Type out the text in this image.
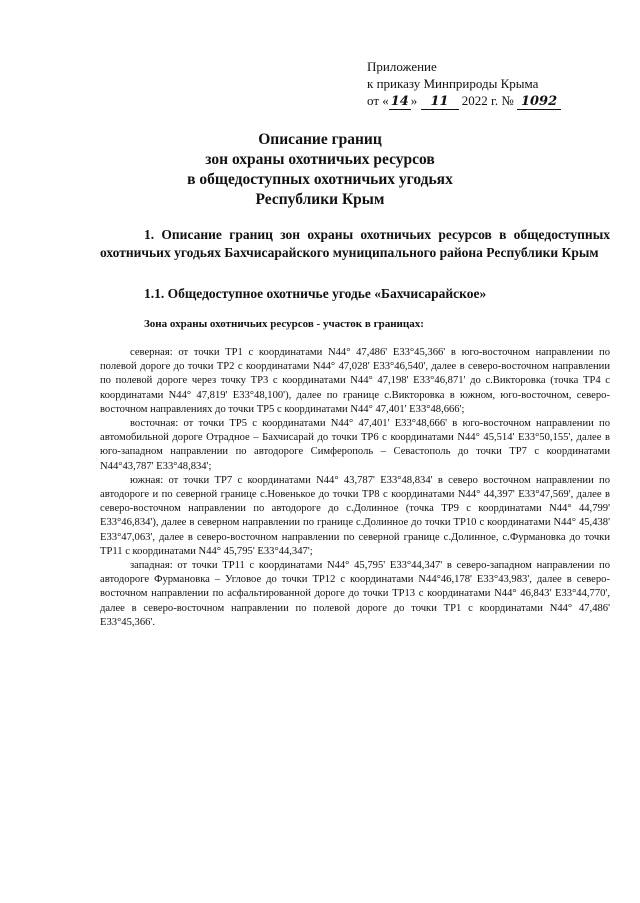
Приложение
к приказу Минприроды Крыма
от « 14 » 11 2022 г. № 1092
Описание границ
зон охраны охотничьих ресурсов
в общедоступных охотничьих угодьях
Республики Крым
1. Описание границ зон охраны охотничьих ресурсов в общедоступных охотничьих угодьях Бахчисарайского муниципального района Республики Крым
1.1. Общедоступное охотничье угодье «Бахчисарайское»
Зона охраны охотничьих ресурсов - участок в границах:

северная: от точки ТР1 с координатами N44° 47,486' E33°45,366' в юго-восточном направлении по полевой дороге до точки ТР2 с координатами N44° 47,028' E33°46,540', далее в северо-восточном направлении по полевой дороге через точку ТР3 с координатами N44° 47,198' E33°46,871' до с.Викторовка (точка ТР4 с координатами N44° 47,819' E33°48,100'), далее по границе с.Викторовка в южном, юго-восточном, северо-восточном направлениях до точки ТР5 с координатами N44° 47,401' E33°48,666';

восточная: от точки ТР5 с координатами N44° 47,401' E33°48,666' в юго-восточном направлении по автомобильной дороге Отрадное – Бахчисарай до точки ТР6 с координатами N44° 45,514' E33°50,155', далее в юго-западном направлении по автодороге Симферополь – Севастополь до точки ТР7 с координатами N44°43,787' E33°48,834';

южная: от точки ТР7 с координатами N44° 43,787' E33°48,834' в северо восточном направлении по автодороге и по северной границе с.Новенькое до точки ТР8 с координатами N44° 44,397' E33°47,569', далее в северо-восточном направлении по автодороге до с.Долинное (точка ТР9 с координатами N44° 44,799' E33°46,834'), далее в северном направлении по границе с.Долинное до точки ТР10 с координатами N44° 45,438' E33°47,063', далее в северо-восточном направлении по северной границе с.Долинное, с.Фурмановка до точки ТР11 с координатами N44° 45,795' E33°44,347';

западная: от точки ТР11 с координатами N44° 45,795' E33°44,347' в северо-западном направлении по автодороге Фурмановка – Угловое до точки ТР12 с координатами N44°46,178' E33°43,983', далее в северо-восточном направлении по асфальтированной дороге до точки ТР13 с координатами N44° 46,843' E33°44,770', далее в северо-восточном направлении по полевой дороге до точки ТР1 с координатами N44° 47,486' E33°45,366'.
